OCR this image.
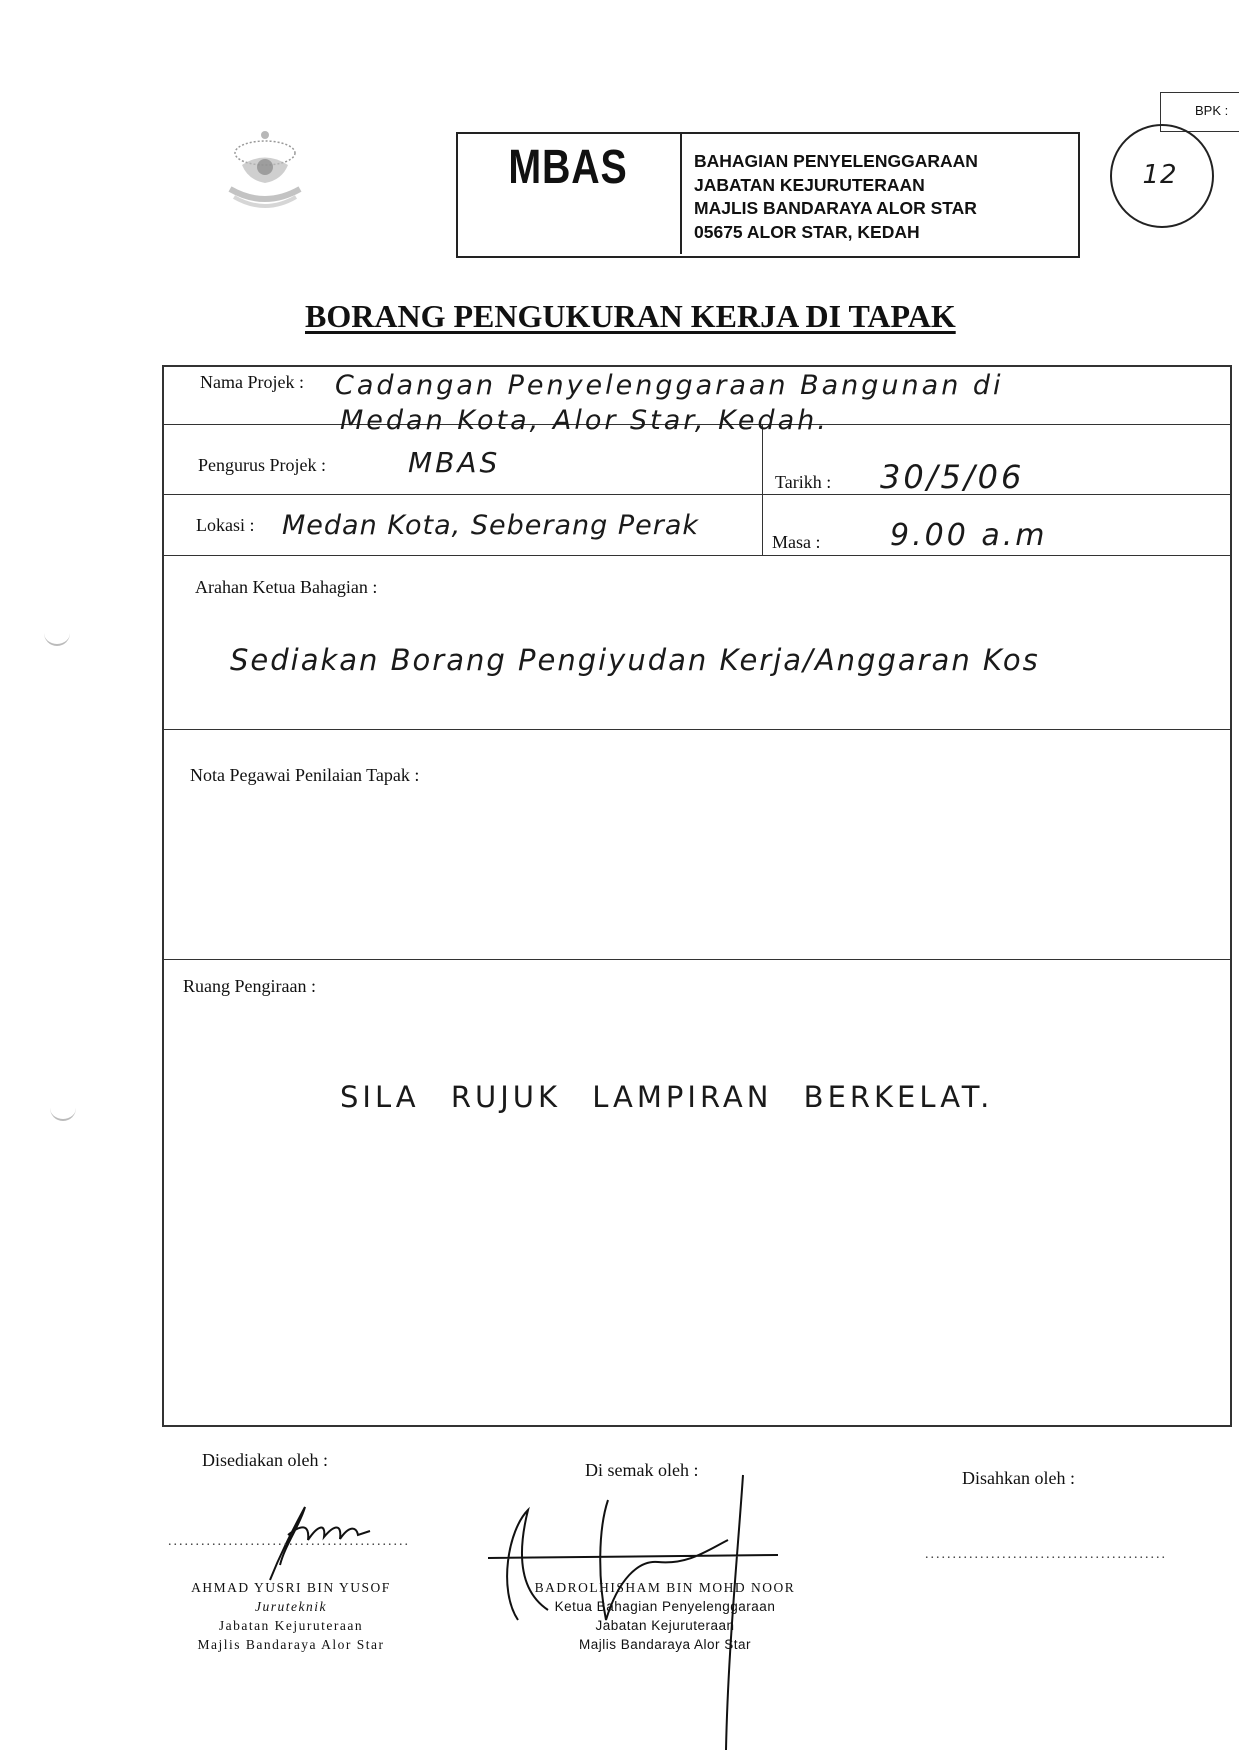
BPK :
12
MBAS	BAHAGIAN PENYELENGGARAAN
JABATAN KEJURUTERAAN
MAJLIS BANDARAYA ALOR STAR
05675 ALOR STAR, KEDAH
BORANG PENGUKURAN KERJA DI TAPAK
Nama Projek : Cadangan Penyelenggaraan Bangunan di
Medan Kota, Alor Star, Kedah.
Pengurus Projek :	MBAS
Tarikh : 30/5/06
Lokasi : Medan Kota, Seberang Perak
Masa : 9.00 a.m
Arahan Ketua Bahagian :
Sediakan Borang Pengiyudan Kerja/Anggaran Kos
Nota Pegawai Penilaian Tapak :
Ruang Pengiraan :
SILA RUJUK LAMPIRAN BERKELAT.
Disediakan oleh :
............................................
AHMAD YUSRI BIN YUSOF
Juruteknik
Jabatan Kejuruteraan
Majlis Bandaraya Alor Star
Di semak oleh :
BADROLHISHAM BIN MOHD NOOR
Ketua Bahagian Penyelenggaraan
Jabatan Kejuruteraan
Majlis Bandaraya Alor Star
Disahkan oleh :
............................................
